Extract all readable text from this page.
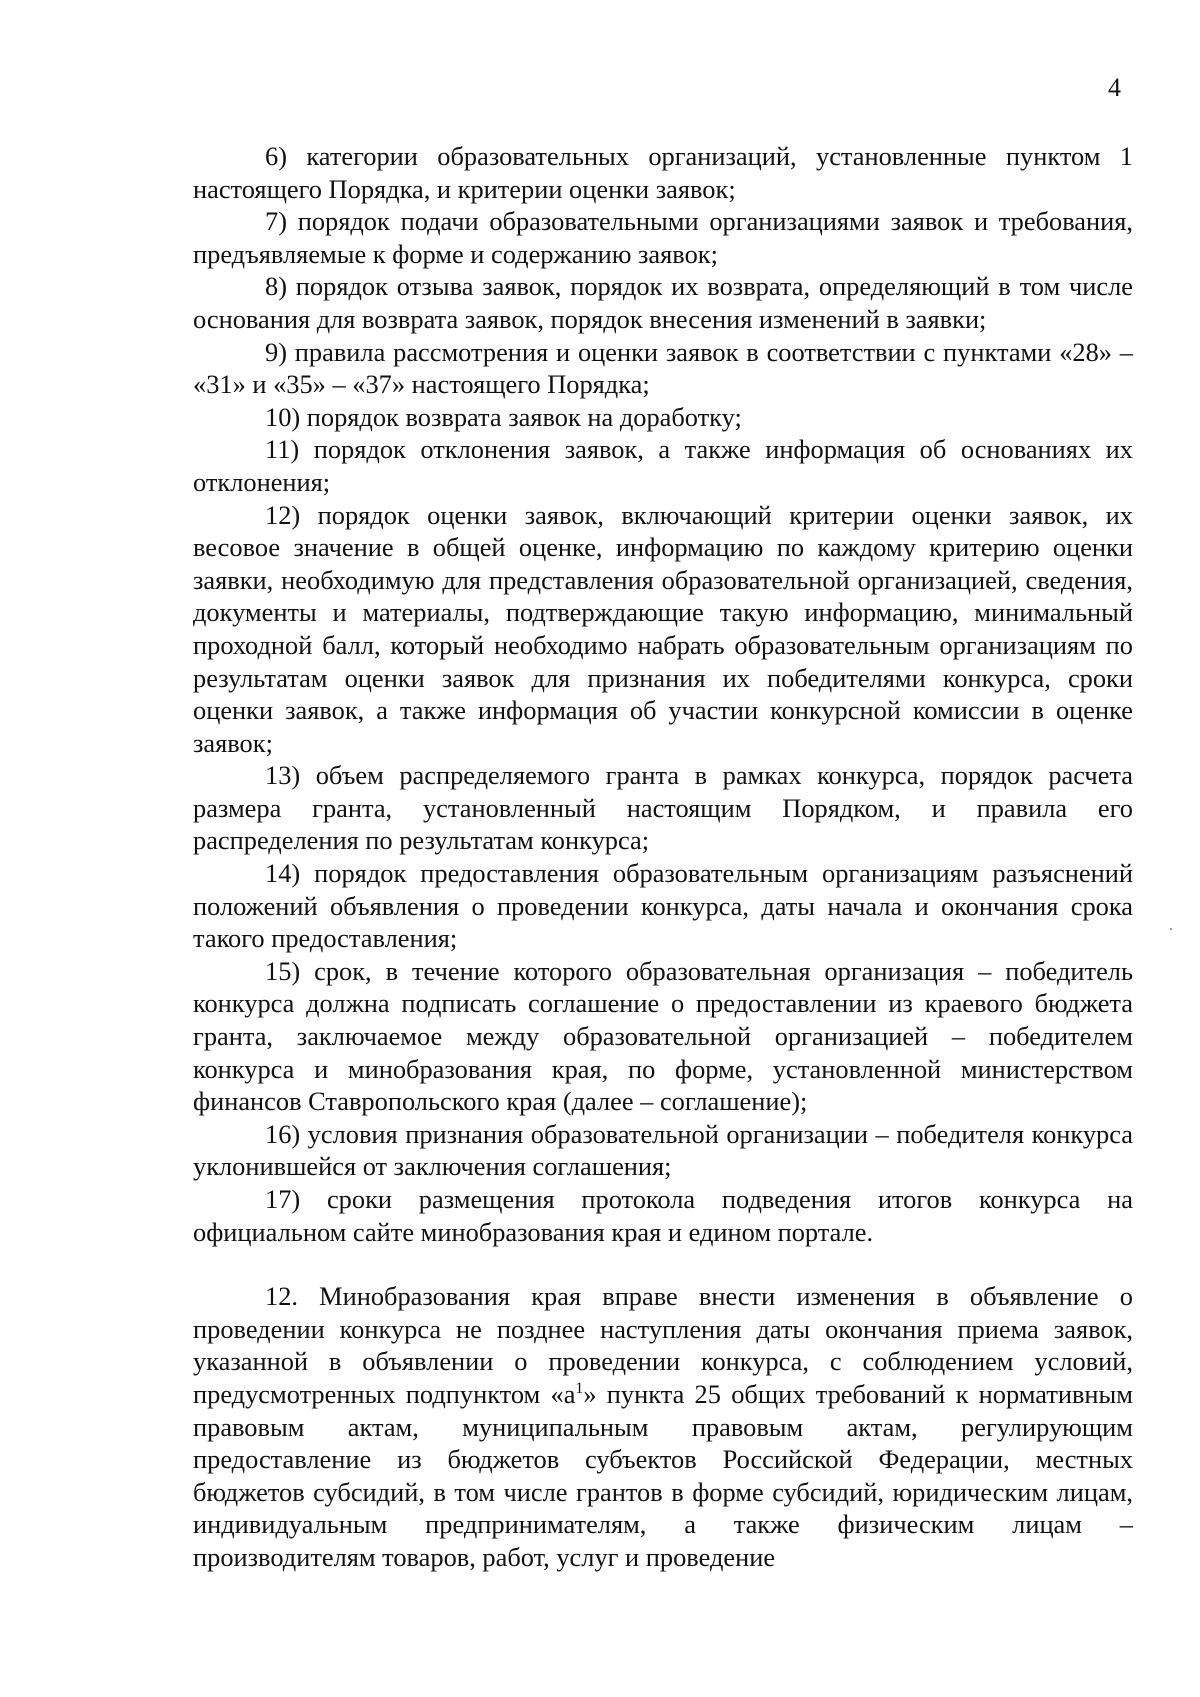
4

6) категории образовательных организаций, установленные пунктом 1 настоящего Порядка, и критерии оценки заявок;

7) порядок подачи образовательными организациями заявок и требования, предъявляемые к форме и содержанию заявок;

8) порядок отзыва заявок, порядок их возврата, определяющий в том числе основания для возврата заявок, порядок внесения изменений в заявки;

9) правила рассмотрения и оценки заявок в соответствии с пунктами «28» – «31» и «35» – «37» настоящего Порядка;

10) порядок возврата заявок на доработку;

11) порядок отклонения заявок, а также информация об основаниях их отклонения;

12) порядок оценки заявок, включающий критерии оценки заявок, их весовое значение в общей оценке, информацию по каждому критерию оценки заявки, необходимую для представления образовательной организацией, сведения, документы и материалы, подтверждающие такую информацию, минимальный проходной балл, который необходимо набрать образовательным организациям по результатам оценки заявок для признания их победителями конкурса, сроки оценки заявок, а также информация об участии конкурсной комиссии в оценке заявок;

13) объем распределяемого гранта в рамках конкурса, порядок расчета размера гранта, установленный настоящим Порядком, и правила его распределения по результатам конкурса;

14) порядок предоставления образовательным организациям разъяснений положений объявления о проведении конкурса, даты начала и окончания срока такого предоставления;

15) срок, в течение которого образовательная организация – победитель конкурса должна подписать соглашение о предоставлении из краевого бюджета гранта, заключаемое между образовательной организацией – победителем конкурса и минобразования края, по форме, установленной министерством финансов Ставропольского края (далее – соглашение);

16) условия признания образовательной организации – победителя конкурса уклонившейся от заключения соглашения;

17) сроки размещения протокола подведения итогов конкурса на официальном сайте минобразования края и едином портале.

12. Минобразования края вправе внести изменения в объявление о проведении конкурса не позднее наступления даты окончания приема заявок, указанной в объявлении о проведении конкурса, с соблюдением условий, предусмотренных подпунктом «$а^1$» пункта 25 общих требований к нормативным правовым актам, муниципальным правовым актам, регулирующим предоставление из бюджетов субъектов Российской Федерации, местных бюджетов субсидий, в том числе грантов в форме субсидий, юридическим лицам, индивидуальным предпринимателям, а также физическим лицам – производителям товаров, работ, услуг и проведение
